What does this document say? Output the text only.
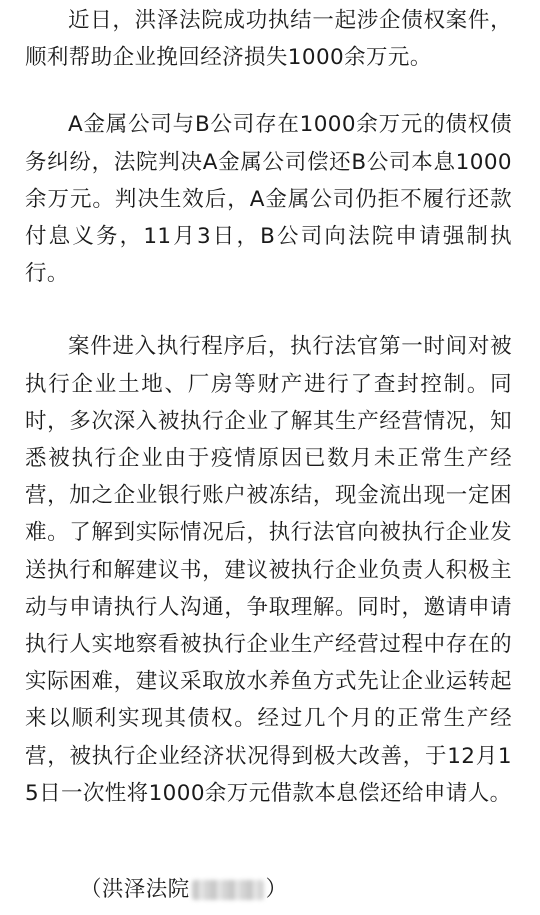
近日，洪泽法院成功执结一起涉企债权案件，顺利帮助企业挽回经济损失1000余万元。

A金属公司与B公司存在1000余万元的债权债务纠纷，法院判决A金属公司偿还B公司本息1000余万元。判决生效后，A金属公司仍拒不履行还款付息义务，11月3日，B公司向法院申请强制执行。

案件进入执行程序后，执行法官第一时间对被执行企业土地、厂房等财产进行了查封控制。同时，多次深入被执行企业了解其生产经营情况，知悉被执行企业由于疫情原因已数月未正常生产经营，加之企业银行账户被冻结，现金流出现一定困难。了解到实际情况后，执行法官向被执行企业发送执行和解建议书，建议被执行企业负责人积极主动与申请执行人沟通，争取理解。同时，邀请申请执行人实地察看被执行企业生产经营过程中存在的实际困难，建议采取放水养鱼方式先让企业运转起来以顺利实现其债权。经过几个月的正常生产经营，被执行企业经济状况得到极大改善，于12月15日一次性将1000余万元借款本息偿还给申请人。

（洪泽法院	）
